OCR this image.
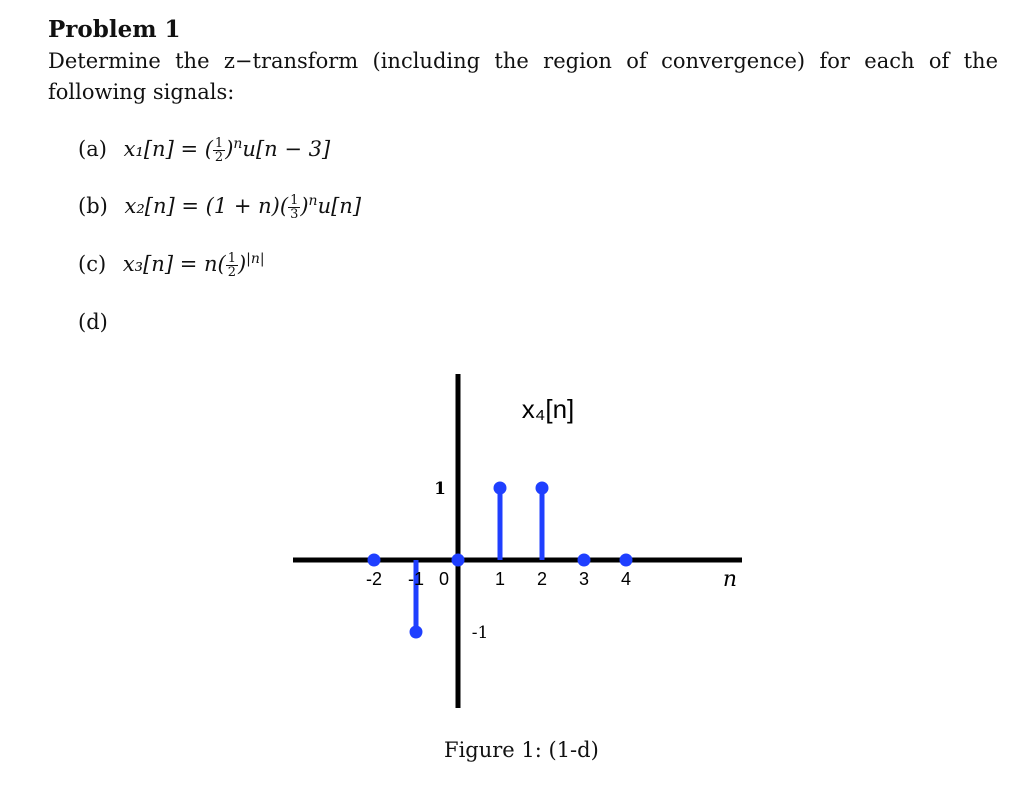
Problem 1

Determine the z−transform (including the region of convergence) for each of the following signals:

(a) x₁[n] = ( $\frac{1}{2} )^nu[n - 3]$
(b) $x_2[n] = (1 + n)( \frac{1}{3} )^nu[n]$
(c) $x_3[n] = n( \frac{1}{2} )^{|n|}$
(d)
-2 -1 0	1 2 3 4
1
-1
n
x₄[n]
Figure 1: (1-d)
